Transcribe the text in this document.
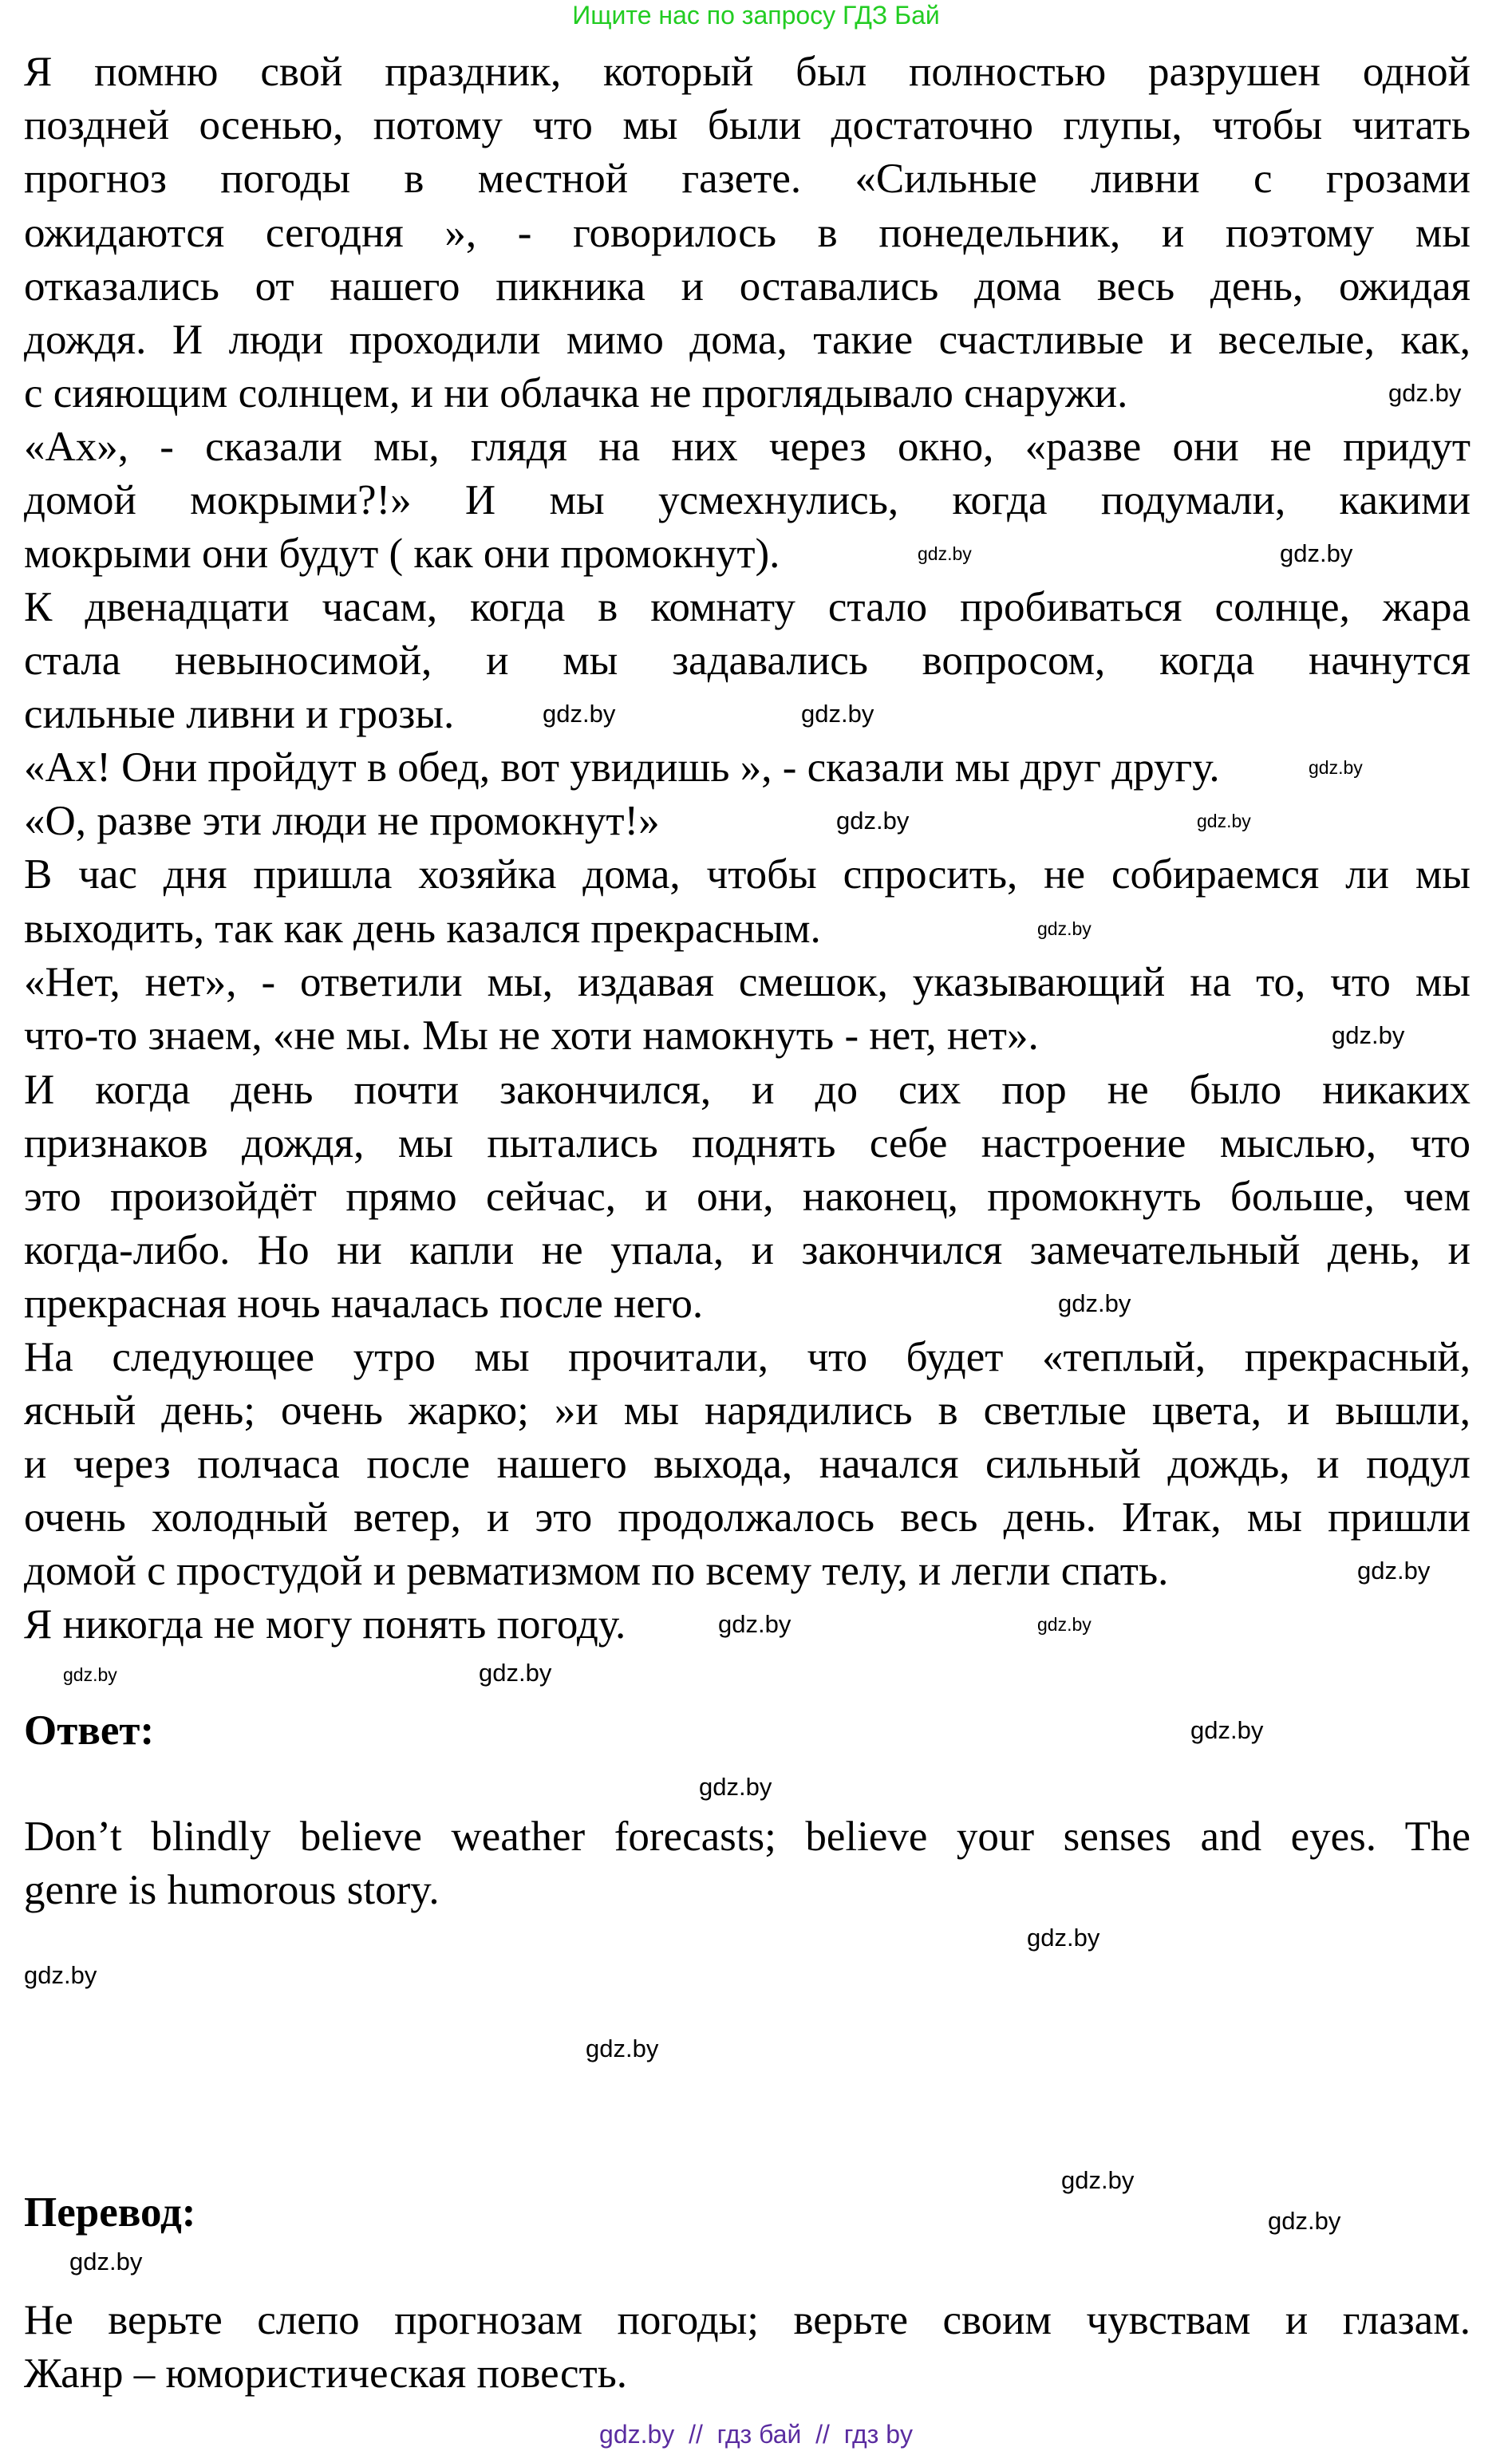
Ищите нас по запросу ГДЗ Бай
Я помню свой праздник, который был полностью разрушен одной
поздней осенью, потому что мы были достаточно глупы, чтобы читать
прогноз погоды в местной газете. «Сильные ливни с грозами
ожидаются сегодня », - говорилось в понедельник, и поэтому мы
отказались от нашего пикника и оставались дома весь день, ожидая
дождя. И люди проходили мимо дома, такие счастливые и веселые, как,
с сияющим солнцем, и ни облачка не проглядывало снаружи.
«Ах», - сказали мы, глядя на них через окно, «разве они не придут
домой мокрыми?!» И мы усмехнулись, когда подумали, какими
мокрыми они будут ( как они промокнут).
К двенадцати часам, когда в комнату стало пробиваться солнце, жара
стала невыносимой, и мы задавались вопросом, когда начнутся
сильные ливни и грозы.
«Ах! Они пройдут в обед, вот увидишь », - сказали мы друг другу.
«О, разве эти люди не промокнут!»
В час дня пришла хозяйка дома, чтобы спросить, не собираемся ли мы
выходить, так как день казался прекрасным.
«Нет, нет», - ответили мы, издавая смешок, указывающий на то, что мы
что-то знаем, «не мы. Мы не хоти намокнуть - нет, нет».
И когда день почти закончился, и до сих пор не было никаких
признаков дождя, мы пытались поднять себе настроение мыслью, что
это произойдёт прямо сейчас, и они, наконец, промокнуть больше, чем
когда-либо. Но ни капли не упала, и закончился замечательный день, и
прекрасная ночь началась после него.
На следующее утро мы прочитали, что будет «теплый, прекрасный,
ясный день; очень жарко; »и мы нарядились в светлые цвета, и вышли,
и через полчаса после нашего выхода, начался сильный дождь, и подул
очень холодный ветер, и это продолжалось весь день. Итак, мы пришли
домой с простудой и ревматизмом по всему телу, и легли спать.
Я никогда не могу понять погоду.
Ответ:
Don’t blindly believe weather forecasts; believe your senses and eyes. The
genre is humorous story.
Перевод:
Не верьте слепо прогнозам погоды; верьте своим чувствам и глазам.
Жанр – юмористическая повесть.
gdz.by	gdz.by
gdz.by
gdz.by
gdz.by	gdz.by
gdz.by
gdz.by
gdz.by
gdz.by
gdz.by
gdz.by
gdz.by
gdz.by
gdz.by
gdz.by
gdz.by
gdz.by
gdz.by
gdz.by
gdz.by
gdz.by
gdz.by
gdz.by
gdz.by  //  гдз бай  //  гдз by
